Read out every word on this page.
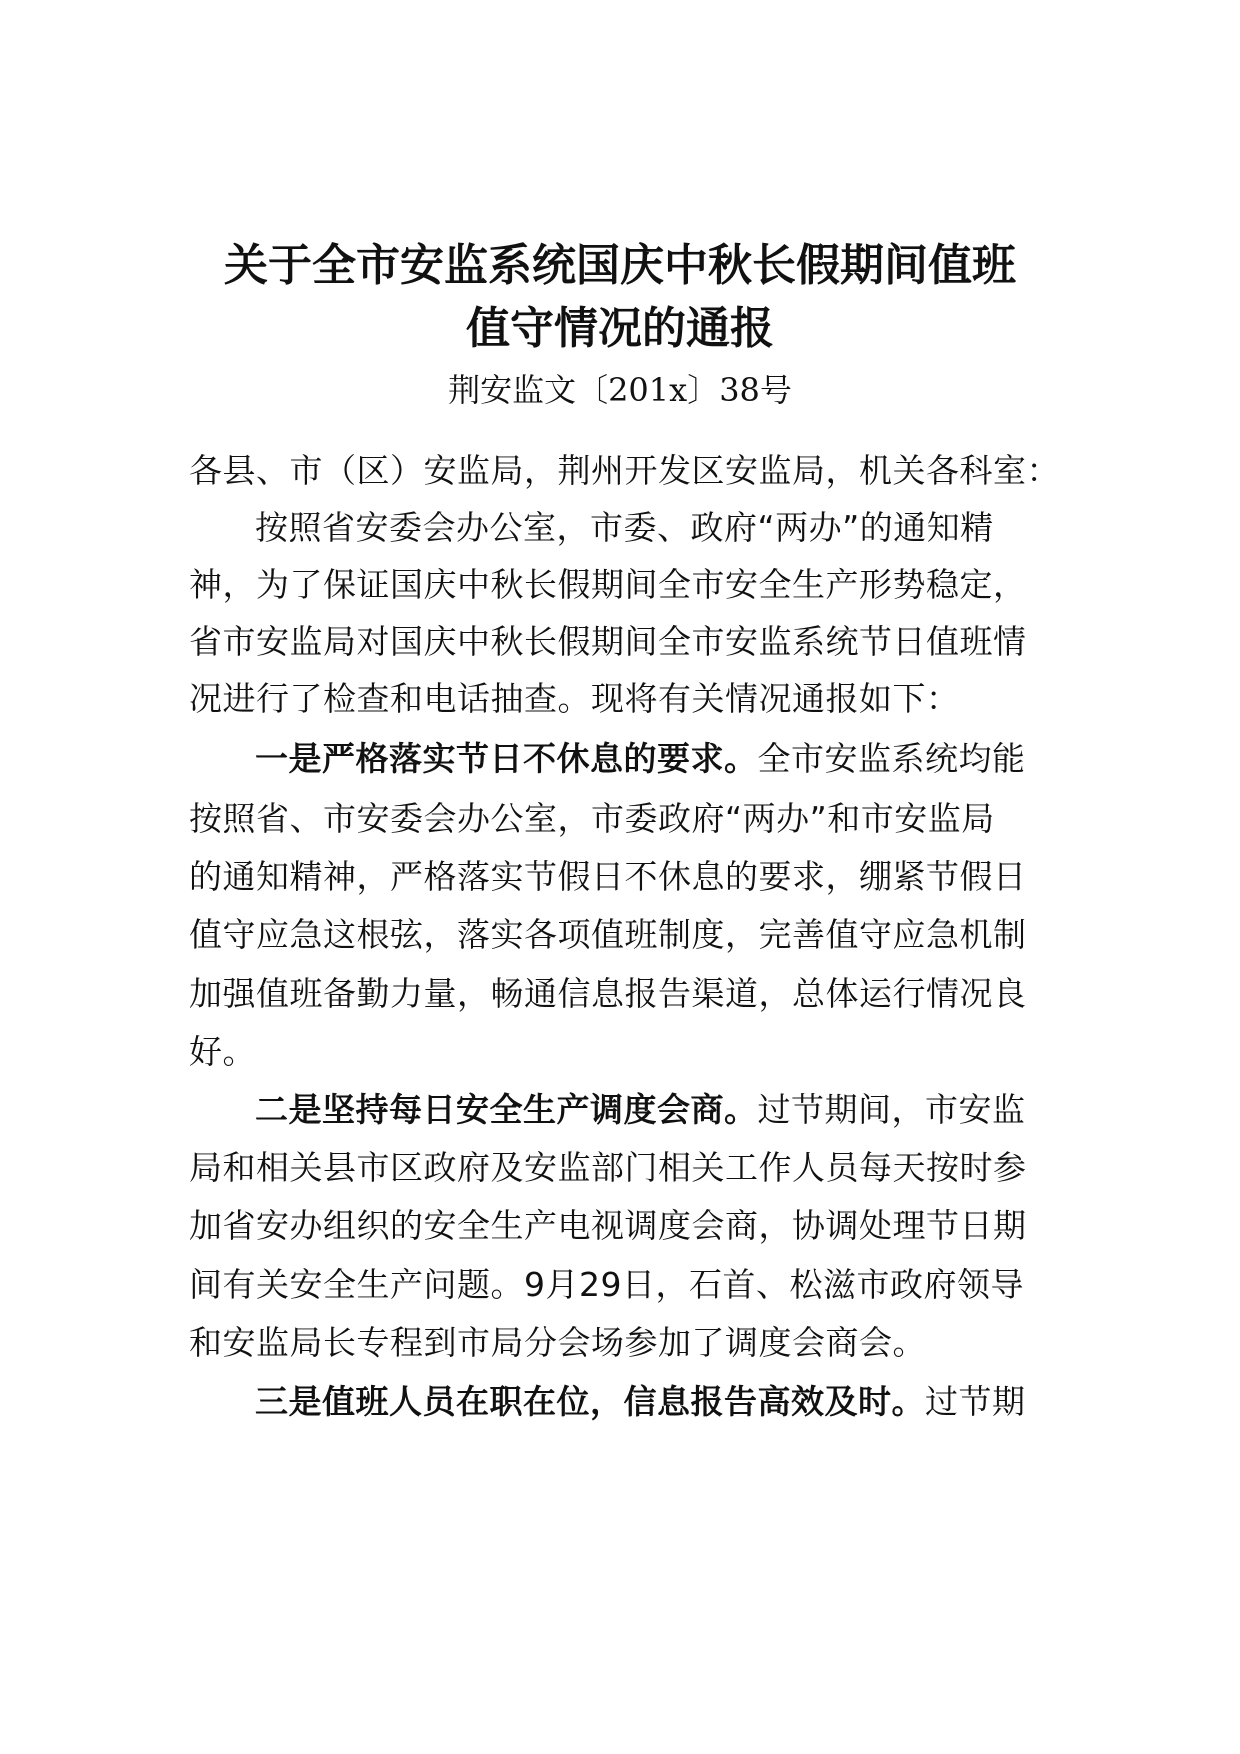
关于全市安监系统国庆中秋长假期间值班
值守情况的通报
荆安监文〔201x〕38号

各县、市（区）安监局，荆州开发区安监局，机关各科室：

按照省安委会办公室，市委、政府“两办”的通知精

神，为了保证国庆中秋长假期间全市安全生产形势稳定，

省市安监局对国庆中秋长假期间全市安监系统节日值班情

况进行了检查和电话抽查。现将有关情况通报如下：

一是严格落实节日不休息的要求。全市安监系统均能

按照省、市安委会办公室，市委政府“两办”和市安监局

的通知精神，严格落实节假日不休息的要求，绷紧节假日

值守应急这根弦，落实各项值班制度，完善值守应急机制

加强值班备勤力量，畅通信息报告渠道，总体运行情况良

好。

二是坚持每日安全生产调度会商。过节期间，市安监

局和相关县市区政府及安监部门相关工作人员每天按时参

加省安办组织的安全生产电视调度会商，协调处理节日期

间有关安全生产问题。9月29日，石首、松滋市政府领导

和安监局长专程到市局分会场参加了调度会商会。

三是值班人员在职在位，信息报告高效及时。过节期
